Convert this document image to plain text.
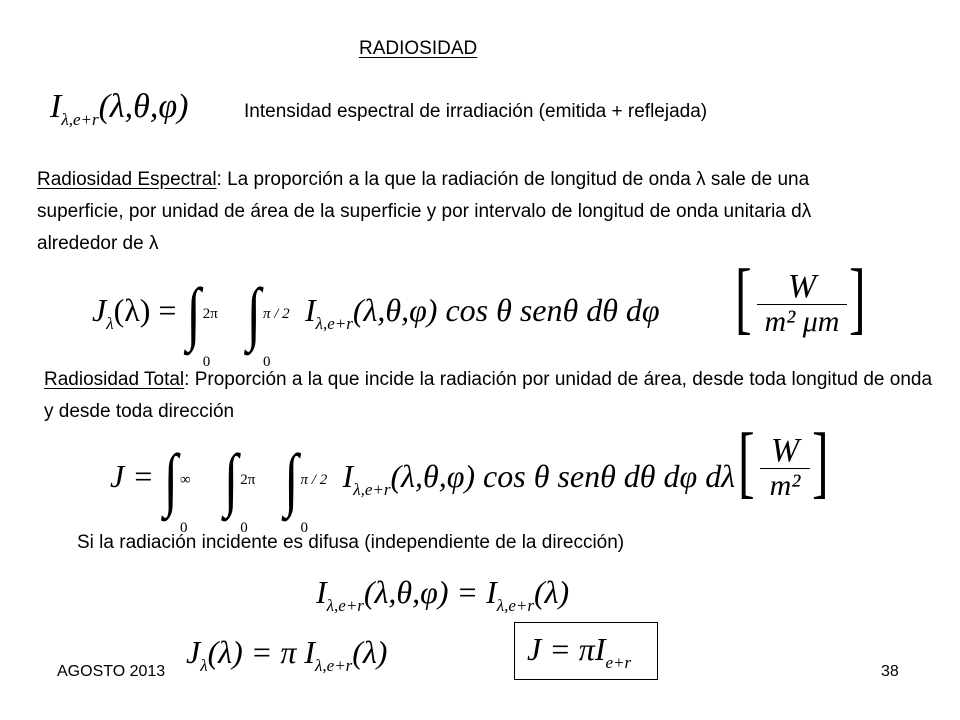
RADIOSIDAD
$I_{\lambda,e+r}(\lambda,\theta,\varphi)$	Intensidad espectral de irradiación (emitida + reflejada)
Radiosidad Espectral: La proporción a la que la radiación de longitud de onda λ sale de una superficie, por unidad de área de la superficie y por intervalo de longitud de onda unitaria dλ alrededor de λ
$J_\lambda(\lambda)$ = ∫ 2π
0
∫ π / 2
0
$I_{\lambda,e+r}(\lambda,\theta,\varphi)$ cos θ senθ dθ dφ [	W
m² μm ]
Radiosidad Total: Proporción a la que incide la radiación por unidad de área, desde toda longitud de onda y desde toda dirección
J = ∫ ∞
0
∫ 2π
0
∫ π / 2
0
$I_{\lambda,e+r}(\lambda,\theta,\varphi)$ cos θ senθ dθ dφ dλ [ W
m² ]
Si la radiación incidente es difusa (independiente de la dirección)
$I_{\lambda,e+r}(\lambda,\theta,\varphi) = I_{\lambda,e+r}(\lambda)$
$J_\lambda(\lambda) = \pi$ $I_{\lambda,e+r}(\lambda)$	$J = \pi I_{e+r}$
AGOSTO 2013	38
